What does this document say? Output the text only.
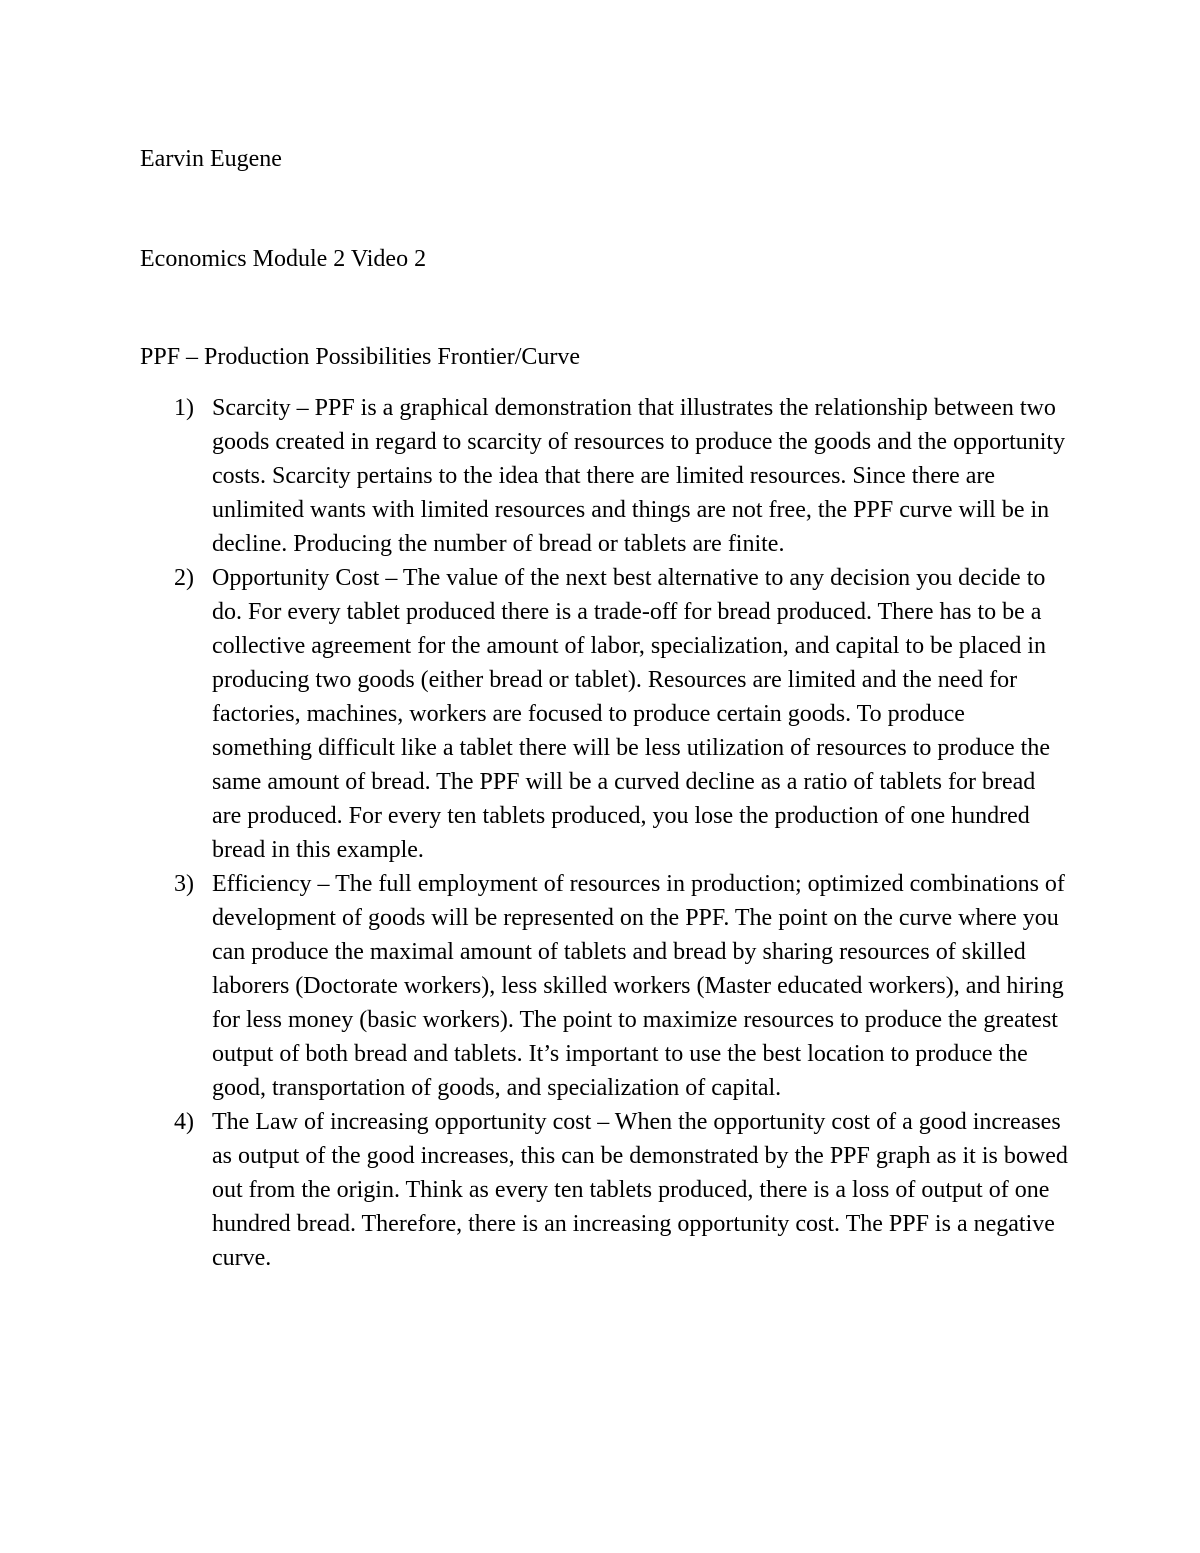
Earvin Eugene
Economics Module 2 Video 2
PPF – Production Possibilities Frontier/Curve
1) Scarcity – PPF is a graphical demonstration that illustrates the relationship between two goods created in regard to scarcity of resources to produce the goods and the opportunity costs. Scarcity pertains to the idea that there are limited resources. Since there are unlimited wants with limited resources and things are not free, the PPF curve will be in decline. Producing the number of bread or tablets are finite.
2) Opportunity Cost – The value of the next best alternative to any decision you decide to do. For every tablet produced there is a trade-off for bread produced. There has to be a collective agreement for the amount of labor, specialization, and capital to be placed in producing two goods (either bread or tablet). Resources are limited and the need for factories, machines, workers are focused to produce certain goods. To produce something difficult like a tablet there will be less utilization of resources to produce the same amount of bread. The PPF will be a curved decline as a ratio of tablets for bread are produced. For every ten tablets produced, you lose the production of one hundred bread in this example.
3) Efficiency – The full employment of resources in production; optimized combinations of development of goods will be represented on the PPF. The point on the curve where you can produce the maximal amount of tablets and bread by sharing resources of skilled laborers (Doctorate workers), less skilled workers (Master educated workers), and hiring for less money (basic workers). The point to maximize resources to produce the greatest output of both bread and tablets. It’s important to use the best location to produce the good, transportation of goods, and specialization of capital.
4) The Law of increasing opportunity cost – When the opportunity cost of a good increases as output of the good increases, this can be demonstrated by the PPF graph as it is bowed out from the origin. Think as every ten tablets produced, there is a loss of output of one hundred bread. Therefore, there is an increasing opportunity cost. The PPF is a negative curve.
